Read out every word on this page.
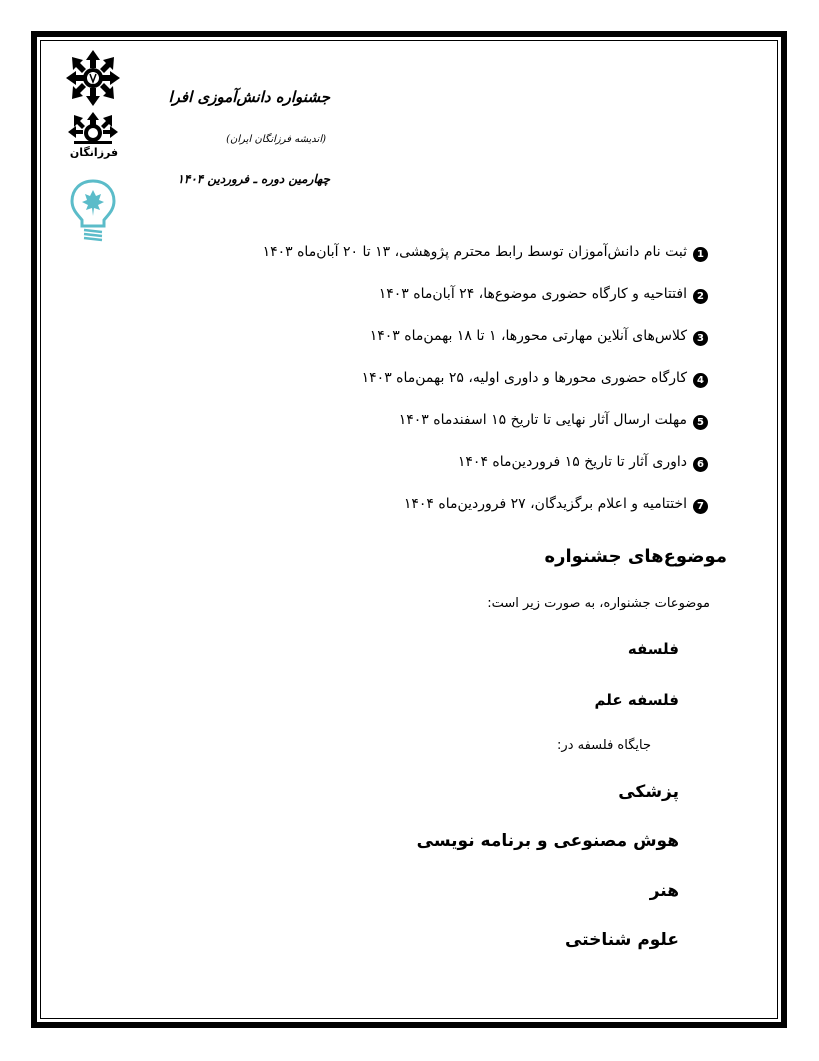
فرزانگان
جشنواره دانش‌آموزی افرا
(اندیشه فرزانگان ایران)
چهارمین دوره ـ فروردین ۱۴۰۴
1
ثبت نام دانش‌آموزان توسط رابط محترم پژوهشی، ۱۳ تا ۲۰ آبان‌ماه ۱۴۰۳
2
افتتاحیه و کارگاه حضوری موضوع‌ها، ۲۴ آبان‌ماه ۱۴۰۳
3
کلاس‌های آنلاین مهارتی محورها، ۱ تا ۱۸ بهمن‌ماه ۱۴۰۳
4
کارگاه حضوری محورها و داوری اولیه، ۲۵ بهمن‌ماه ۱۴۰۳
5
مهلت ارسال آثار نهایی تا تاریخ ۱۵ اسفندماه ۱۴۰۳
6
داوری آثار تا تاریخ ۱۵ فروردین‌ماه ۱۴۰۴
7
اختتامیه و اعلام برگزیدگان، ۲۷ فروردین‌ماه ۱۴۰۴
موضوع‌های جشنواره
موضوعات جشنواره، به صورت زیر است:
فلسفه
فلسفه علم
جایگاه فلسفه در:
پزشکی
هوش مصنوعی و برنامه نویسی
هنر
علوم شناختی
